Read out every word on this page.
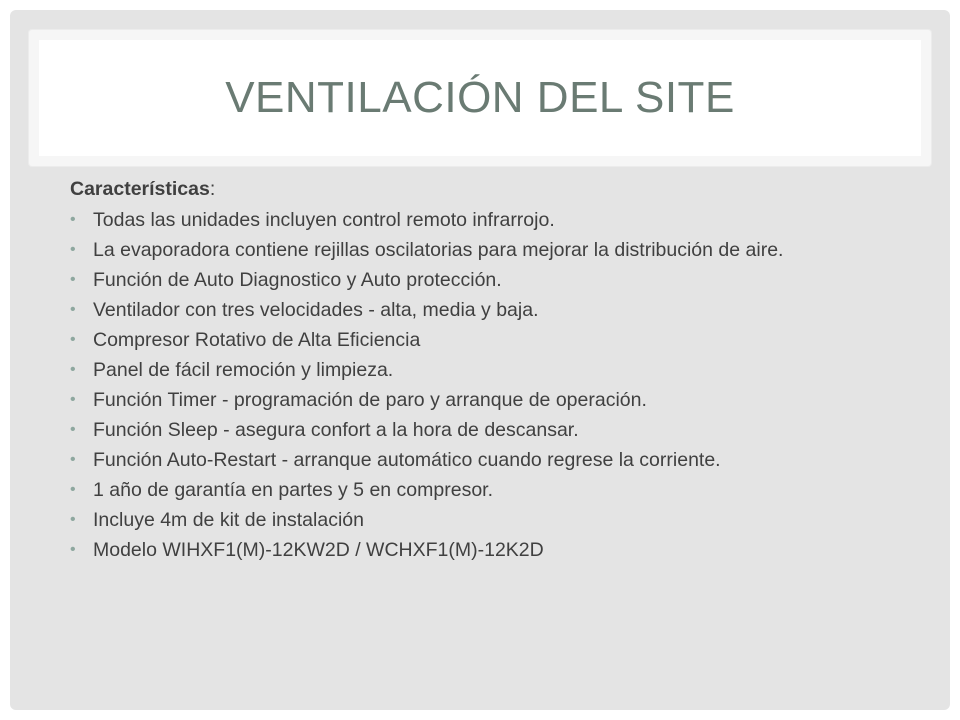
VENTILACIÓN DEL SITE
Características:
• Todas las unidades incluyen control remoto infrarrojo.
• La evaporadora contiene rejillas oscilatorias para mejorar la distribución de aire.
• Función de Auto Diagnostico y Auto protección.
• Ventilador con tres velocidades - alta, media y baja.
• Compresor Rotativo de Alta Eficiencia
• Panel de fácil remoción y limpieza.
• Función Timer - programación de paro y arranque de operación.
• Función Sleep - asegura confort a la hora de descansar.
• Función Auto-Restart - arranque automático cuando regrese la corriente.
• 1 año de garantía en partes y 5 en compresor.
• Incluye 4m de kit de instalación
• Modelo WIHXF1(M)-12KW2D / WCHXF1(M)-12K2D
